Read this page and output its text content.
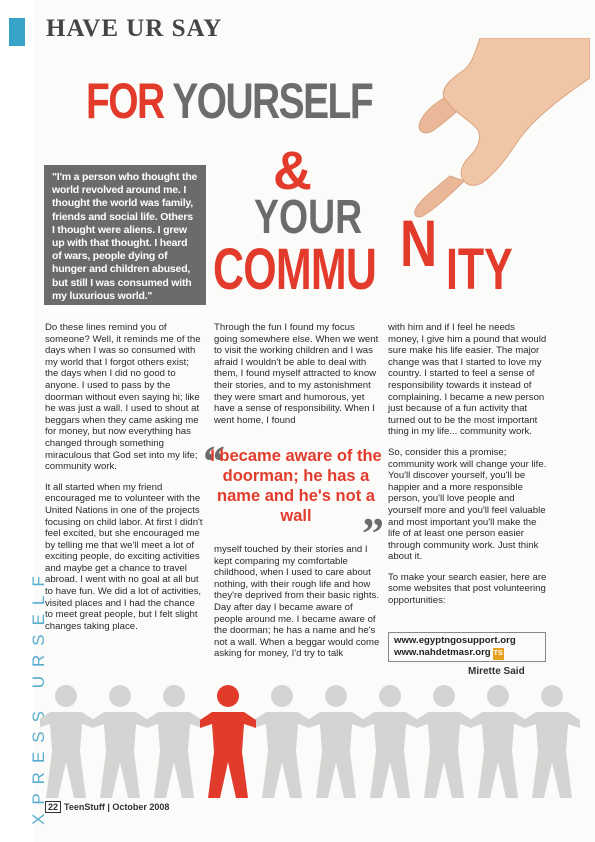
HAVE UR SAY
XPRESS URSELF
FOR YOURSELF
&
YOUR
COMMU N ITY
"I'm a person who thought the world revolved around me. I thought the world was family, friends and social life. Others I thought were aliens. I grew up with that thought. I heard of wars, people dying of hunger and children abused, but still I was consumed with my luxurious world."

Do these lines remind you of someone? Well, it reminds me of the days when I was so consumed with my world that I forgot others exist; the days when I did no good to anyone. I used to pass by the doorman without even saying hi; like he was just a wall. I used to shout at beggars when they came asking me for money, but now everything has changed through something miraculous that God set into my life; community work.

It all started when my friend encouraged me to volunteer with the United Nations in one of the projects focusing on child labor. At first I didn't feel excited, but she encouraged me by telling me that we'll meet a lot of exciting people, do exciting activities and maybe get a chance to travel abroad. I went with no goal at all but to have fun. We did a lot of activities, visited places and I had the chance to meet great people, but I felt slight changes taking place.

Through the fun I found my focus going somewhere else. When we went to visit the working children and I was afraid I wouldn't be able to deal with them, I found myself attracted to know their stories, and to my astonishment they were smart and humorous, yet have a sense of responsibility. When I went home, I found

“
I became aware of the doorman; he has a name and he's not a wall	”

myself touched by their stories and I kept comparing my comfortable childhood, when I used to care about nothing, with their rough life and how they're deprived from their basic rights. Day after day I became aware of people around me. I became aware of the doorman; he has a name and he's not a wall. When a beggar would come asking for money, I'd try to talk

with him and if I feel he needs money, I give him a pound that would sure make his life easier. The major change was that I started to love my country. I started to feel a sense of responsibility towards it instead of complaining. I became a new person just because of a fun activity that turned out to be the most important thing in my life... community work.

So, consider this a promise; community work will change your life. You'll discover yourself, you'll be happier and a more responsible person, you'll love people and yourself more and you'll feel valuable and most important you'll make the life of at least one person easier through community work. Just think about it.

To make your search easier, here are some websites that post volunteering opportunities:

www.egyptngosupport.org
www.nahdetmasr.org TS
Mirette Said
22 TeenStuff | October 2008
